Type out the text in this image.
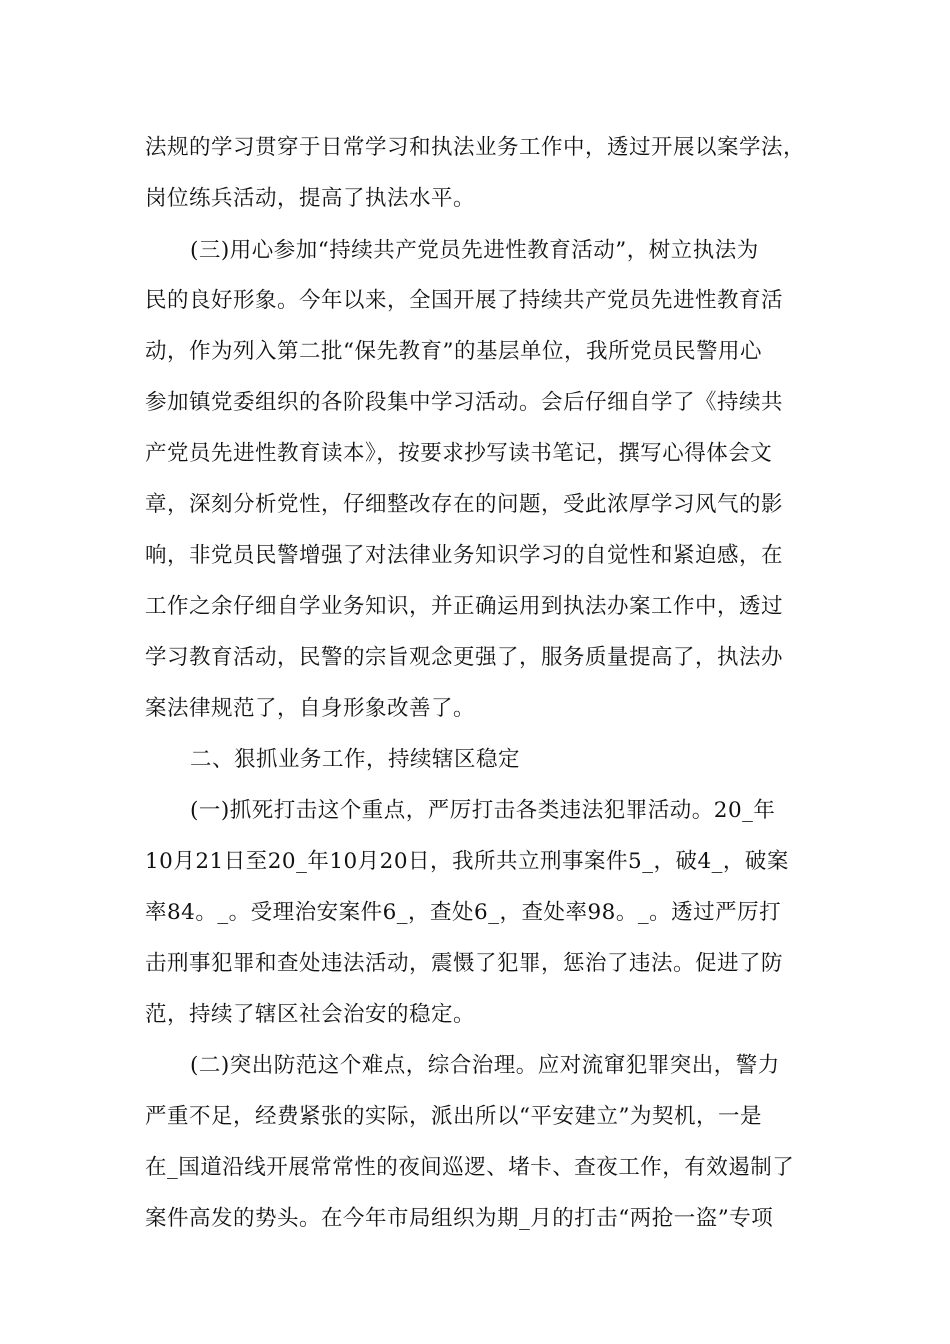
法规的学习贯穿于日常学习和执法业务工作中，透过开展以案学法，
岗位练兵活动，提高了执法水平。
(三)用心参加“持续共产党员先进性教育活动”，树立执法为
民的良好形象。今年以来，全国开展了持续共产党员先进性教育活
动，作为列入第二批“保先教育”的基层单位，我所党员民警用心
参加镇党委组织的各阶段集中学习活动。会后仔细自学了《持续共
产党员先进性教育读本》，按要求抄写读书笔记，撰写心得体会文
章，深刻分析党性，仔细整改存在的问题，受此浓厚学习风气的影
响，非党员民警增强了对法律业务知识学习的自觉性和紧迫感，在
工作之余仔细自学业务知识，并正确运用到执法办案工作中，透过
学习教育活动，民警的宗旨观念更强了，服务质量提高了，执法办
案法律规范了，自身形象改善了。
二、狠抓业务工作，持续辖区稳定
(一)抓死打击这个重点，严厉打击各类违法犯罪活动。20_年
10月21日至20_年10月20日，我所共立刑事案件5_，破4_，破案
率84。_。受理治安案件6_，查处6_，查处率98。_。透过严厉打
击刑事犯罪和查处违法活动，震慑了犯罪，惩治了违法。促进了防
范，持续了辖区社会治安的稳定。
(二)突出防范这个难点，综合治理。应对流窜犯罪突出，警力
严重不足，经费紧张的实际，派出所以“平安建立”为契机，一是
在_国道沿线开展常常性的夜间巡逻、堵卡、查夜工作，有效遏制了
案件高发的势头。在今年市局组织为期_月的打击“两抢一盗”专项
